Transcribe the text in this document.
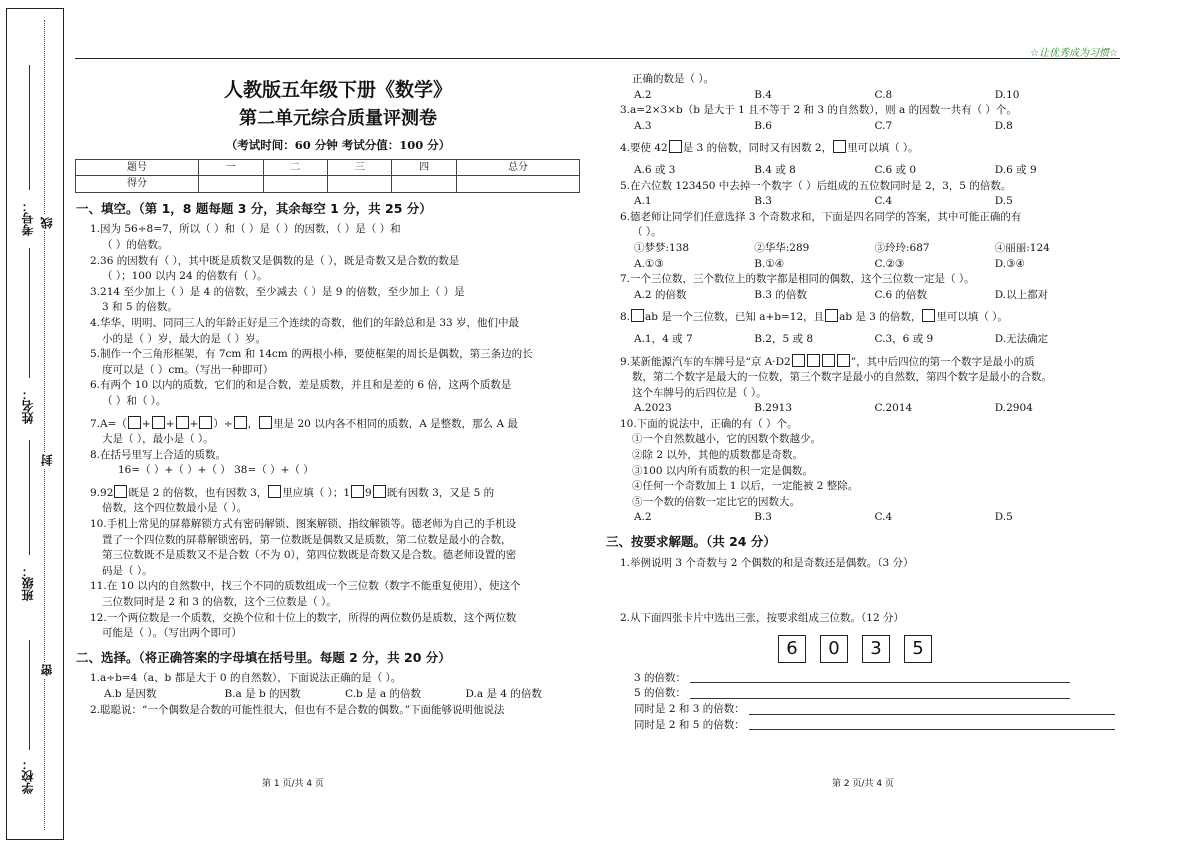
学校：
班级：
姓名：
考号：
密
封
线
☆让优秀成为习惯☆
人教版五年级下册《数学》
第二单元综合质量评测卷
（考试时间：60 分钟 考试分值：100 分）
题号	一	二	三	四	总分
得分					
一、填空。（第 1，8 题每题 3 分，其余每空 1 分，共 25 分）
1.因为 56÷8=7，所以（ ）和（ ）是（ ）的因数，（ ）是（ ）和
（ ）的倍数。
2.36 的因数有（ ），其中既是质数又是偶数的是（ ），既是奇数又是合数的数是
（ ）；100 以内 24 的倍数有（ ）。
3.214 至少加上（ ）是 4 的倍数，至少减去（ ）是 9 的倍数，至少加上（ ）是
3 和 5 的倍数。
4.华华、明明、同同三人的年龄正好是三个连续的奇数，他们的年龄总和是 33 岁，他们中最
小的是（ ）岁，最大的是（ ）岁。
5.制作一个三角形框架，有 7cm 和 14cm 的两根小棒，要使框架的周长是偶数，第三条边的长
度可以是（ ）cm。（写出一种即可）
6.有两个 10 以内的质数，它们的和是合数，差是质数，并且和是差的 6 倍，这两个质数是
（ ）和（ ）。
7.A=（ + + + ）÷ ， 里是 20 以内各不相同的质数，A 是整数，那么 A 最
大是（ ），最小是（ ）。
8.在括号里写上合适的质数。
16=（ ）+（ ）+（ ） 38=（ ）+（ ）
9.92 既是 2 的倍数，也有因数 3， 里应填（ ）；1 9 既有因数 3，又是 5 的
倍数，这个四位数最小是（ ）。
10.手机上常见的屏幕解锁方式有密码解锁、图案解锁、指纹解锁等。德老师为自己的手机设
置了一个四位数的屏幕解锁密码，第一位数既是偶数又是质数，第二位数是最小的合数，
第三位数既不是质数又不是合数（不为 0），第四位数既是奇数又是合数。德老师设置的密
码是（ ）。
11.在 10 以内的自然数中，找三个不同的质数组成一个三位数（数字不能重复使用），使这个
三位数同时是 2 和 3 的倍数，这个三位数是（ ）。
12.一个两位数是一个质数，交换个位和十位上的数字，所得的两位数仍是质数，这个两位数
可能是（ ）。（写出两个即可）
二、选择。（将正确答案的字母填在括号里。每题 2 分，共 20 分）
1.a÷b=4（a、b 都是大于 0 的自然数），下面说法正确的是（ ）。
A.b 是因数	B.a 是 b 的因数	C.b 是 a 的倍数	D.a 是 4 的倍数
2.聪聪说：“一个偶数是合数的可能性很大，但也有不是合数的偶数。”下面能够说明他说法
正确的数是（ ）。
A.2	B.4	C.8	D.10
3.a=2×3×b（b 是大于 1 且不等于 2 和 3 的自然数），则 a 的因数一共有（ ）个。
A.3	B.6	C.7	D.8
4.要使 42 是 3 的倍数，同时又有因数 2， 里可以填（ ）。
A.6 或 3	B.4 或 8	C.6 或 0	D.6 或 9
5.在六位数 123450 中去掉一个数字（ ）后组成的五位数同时是 2，3，5 的倍数。
A.1	B.3	C.4	D.5
6.德老师让同学们任意选择 3 个奇数求和，下面是四名同学的答案，其中可能正确的有
（ ）。
①梦梦:138	②华华:289	③玲玲:687	④丽丽:124
A.①③	B.①④	C.②③	D.③④
7.一个三位数，三个数位上的数字都是相同的偶数，这个三位数一定是（ ）。
A.2 的倍数	B.3 的倍数	C.6 的倍数	D.以上都对
8. ab 是一个三位数，已知 a+b=12，且 ab 是 3 的倍数， 里可以填（ ）。
A.1，4 或 7	B.2，5 或 8	C.3，6 或 9	D.无法确定
9.某新能源汽车的车牌号是“京 A·D2	”，其中后四位的第一个数字是最小的质
数，第二个数字是最大的一位数，第三个数字是最小的自然数，第四个数字是最小的合数。
这个车牌号的后四位是（ ）。
A.2023	B.2913	C.2014	D.2904
10.下面的说法中，正确的有（ ）个。
①一个自然数越小，它的因数个数越少。
②除 2 以外，其他的质数都是奇数。
③100 以内所有质数的积一定是偶数。
④任何一个奇数加上 1 以后，一定能被 2 整除。
⑤一个数的倍数一定比它的因数大。
A.2	B.3	C.4	D.5
三、按要求解题。（共 24 分）
1.举例说明 3 个奇数与 2 个偶数的和是奇数还是偶数。（3 分）
2.从下面四张卡片中选出三张，按要求组成三位数。（12 分）
6	0	3	5
3 的倍数：
5 的倍数：
同时是 2 和 3 的倍数：
同时是 2 和 5 的倍数：
第 1 页/共 4 页	第 2 页/共 4 页
